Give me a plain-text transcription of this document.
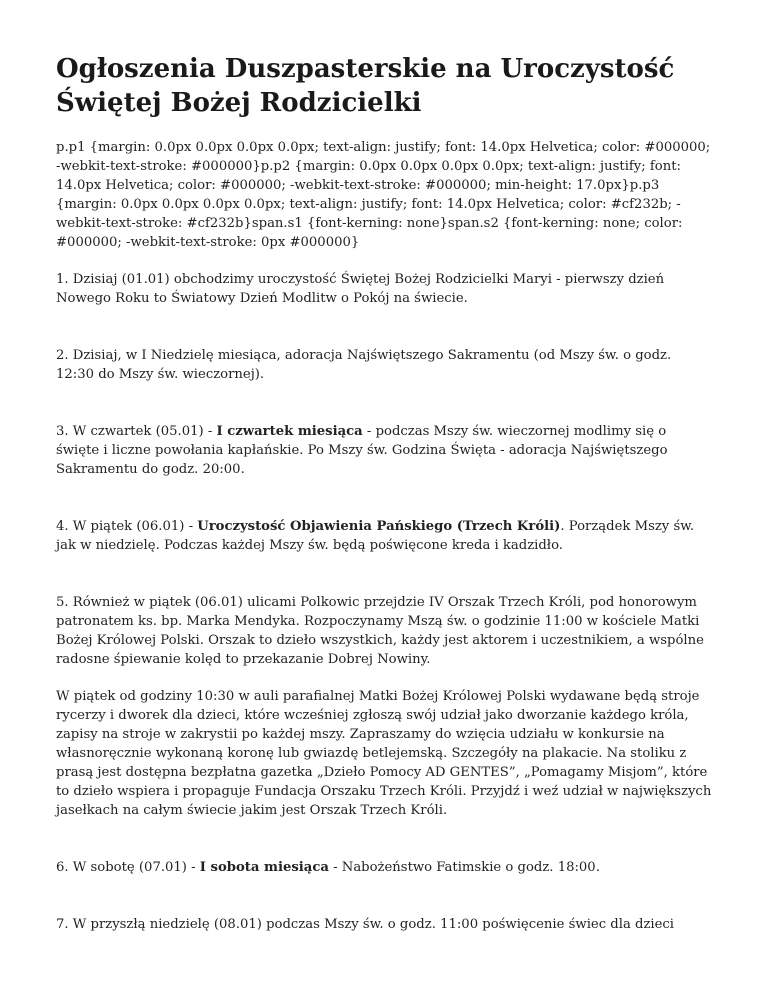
Ogłoszenia Duszpasterskie na Uroczystość Świętej Bożej Rodzicielki

p.p1 {margin: 0.0px 0.0px 0.0px 0.0px; text-align: justify; font: 14.0px Helvetica; color: #000000; -webkit-text-stroke: #000000}p.p2 {margin: 0.0px 0.0px 0.0px 0.0px; text-align: justify; font: 14.0px Helvetica; color: #000000; -webkit-text-stroke: #000000; min-height: 17.0px}p.p3 {margin: 0.0px 0.0px 0.0px 0.0px; text-align: justify; font: 14.0px Helvetica; color: #cf232b; -webkit-text-stroke: #cf232b}span.s1 {font-kerning: none}span.s2 {font-kerning: none; color: #000000; -webkit-text-stroke: 0px #000000}

1. Dzisiaj (01.01) obchodzimy uroczystość Świętej Bożej Rodzicielki Maryi - pierwszy dzień Nowego Roku to Światowy Dzień Modlitw o Pokój na świecie.

2. Dzisiaj, w I Niedzielę miesiąca, adoracja Najświętszego Sakramentu (od Mszy św. o godz. 12:30 do Mszy św. wieczornej).

3. W czwartek (05.01) - I czwartek miesiąca - podczas Mszy św. wieczornej modlimy się o święte i liczne powołania kapłańskie. Po Mszy św. Godzina Święta - adoracja Najświętszego Sakramentu do godz. 20:00.

4. W piątek (06.01) - Uroczystość Objawienia Pańskiego (Trzech Króli). Porządek Mszy św. jak w niedzielę. Podczas każdej Mszy św. będą poświęcone kreda i kadzidło.

5. Również w piątek (06.01) ulicami Polkowic przejdzie IV Orszak Trzech Króli, pod honorowym patronatem ks. bp. Marka Mendyka. Rozpoczynamy Mszą św. o godzinie 11:00 w kościele Matki Bożej Królowej Polski. Orszak to dzieło wszystkich, każdy jest aktorem i uczestnikiem, a wspólne radosne śpiewanie kolęd to przekazanie Dobrej Nowiny.

W piątek od godziny 10:30 w auli parafialnej Matki Bożej Królowej Polski wydawane będą stroje rycerzy i dworek dla dzieci, które wcześniej zgłoszą swój udział jako dworzanie każdego króla, zapisy na stroje w zakrystii po każdej mszy. Zapraszamy do wzięcia udziału w konkursie na własnoręcznie wykonaną koronę lub gwiazdę betlejemską. Szczegóły na plakacie. Na stoliku z prasą jest dostępna bezpłatna gazetka „Dzieło Pomocy AD GENTES”, „Pomagamy Misjom”, które to dzieło wspiera i propaguje Fundacja Orszaku Trzech Króli. Przyjdź i weź udział w największych jasełkach na całym świecie jakim jest Orszak Trzech Króli.

6. W sobotę (07.01) - I sobota miesiąca - Nabożeństwo Fatimskie o godz. 18:00.

7. W przyszłą niedzielę (08.01) podczas Mszy św. o godz. 11:00 poświęcenie świec dla dzieci
